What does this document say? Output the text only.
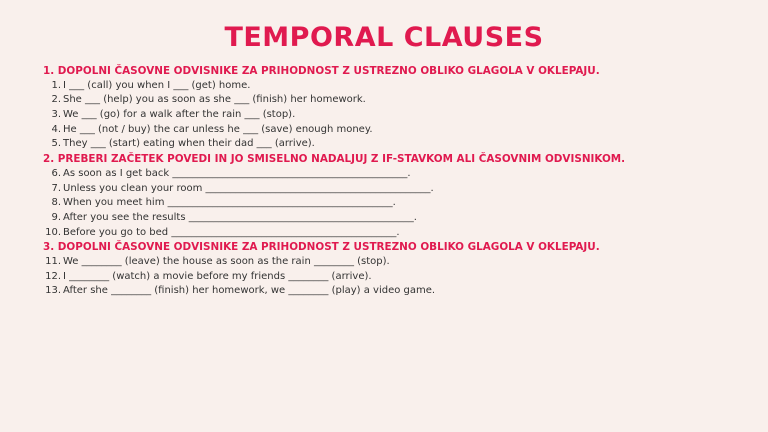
TEMPORAL CLAUSES
1. DOPOLNI ČASOVNE ODVISNIKE ZA PRIHODNOST Z USTREZNO OBLIKO GLAGOLA V OKLEPAJU.
1. I ___ (call) you when I ___ (get) home.
2. She ___ (help) you as soon as she ___ (finish) her homework.
3. We ___ (go) for a walk after the rain ___ (stop).
4. He ___ (not / buy) the car unless he ___ (save) enough money.
5. They ___ (start) eating when their dad ___ (arrive).
2. PREBERI ZAČETEK POVEDI IN JO SMISELNO NADALJUJ Z IF-STAVKOM ALI ČASOVNIM ODVISNIKOM.
6. As soon as I get back _______________________________________________.
7. Unless you clean your room _____________________________________________.
8. When you meet him _____________________________________________.
9. After you see the results _____________________________________________.
10. Before you go to bed _____________________________________________.
3. DOPOLNI ČASOVNE ODVISNIKE ZA PRIHODNOST Z USTREZNO OBLIKO GLAGOLA V OKLEPAJU.
11. We ________ (leave) the house as soon as the rain ________ (stop).
12. I ________ (watch) a movie before my friends ________ (arrive).
13. After she ________ (finish) her homework, we ________ (play) a video game.
